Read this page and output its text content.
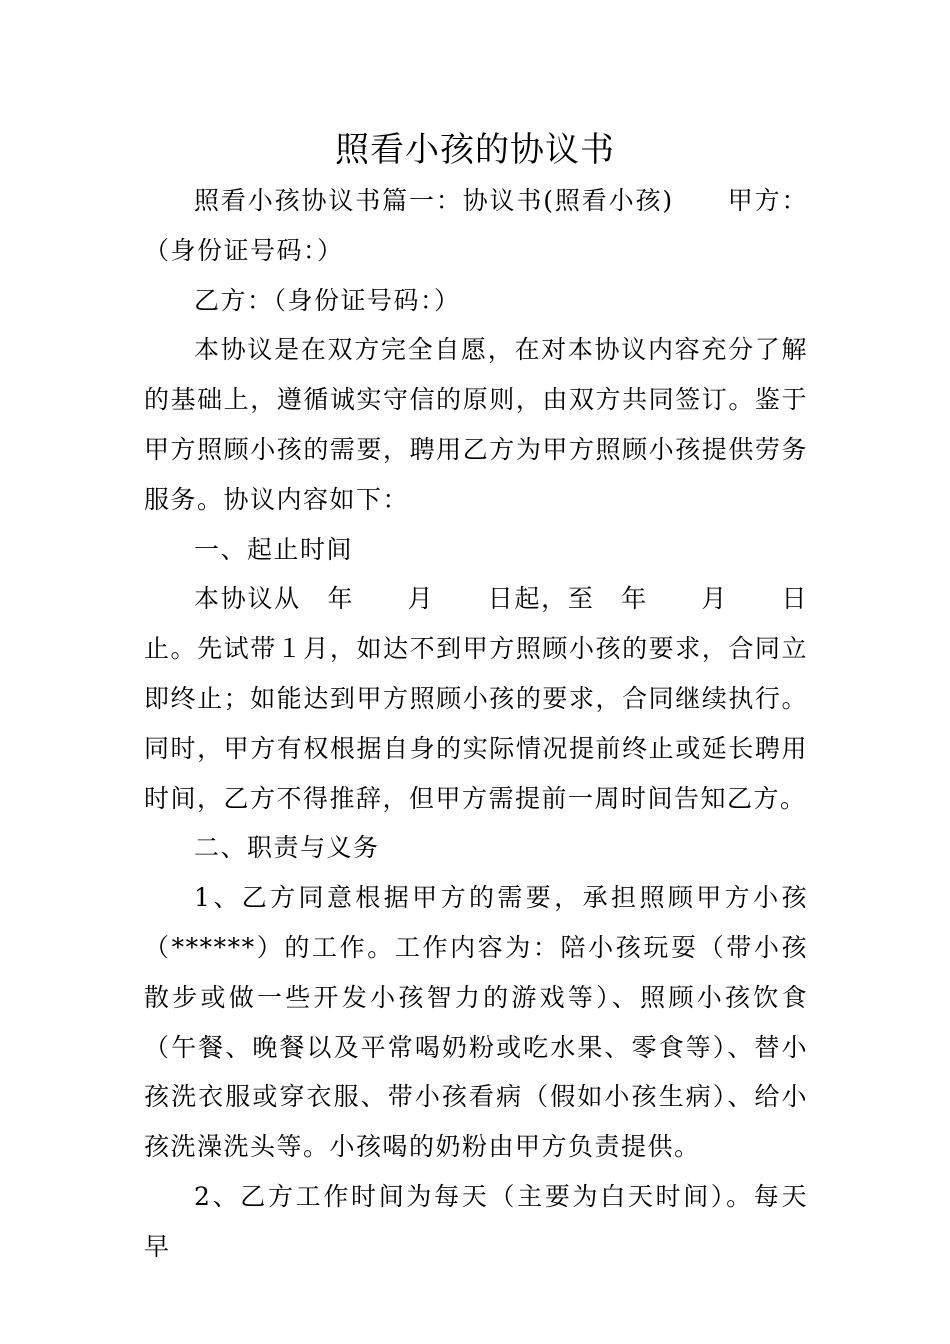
照看小孩的协议书

照看小孩协议书篇一：协议书(照看小孩)　　甲方：（身份证号码：）

乙方：（身份证号码：）

本协议是在双方完全自愿，在对本协议内容充分了解的基础上，遵循诚实守信的原则，由双方共同签订。鉴于甲方照顾小孩的需要，聘用乙方为甲方照顾小孩提供劳务服务。协议内容如下：

一、起止时间

本协议从　年　　月　　日起，至　年　　月　　日止。先试带１月，如达不到甲方照顾小孩的要求，合同立即终止；如能达到甲方照顾小孩的要求，合同继续执行。同时，甲方有权根据自身的实际情况提前终止或延长聘用时间，乙方不得推辞，但甲方需提前一周时间告知乙方。

二、职责与义务

1、乙方同意根据甲方的需要，承担照顾甲方小孩（******）的工作。工作内容为：陪小孩玩耍（带小孩散步或做一些开发小孩智力的游戏等）、照顾小孩饮食（午餐、晚餐以及平常喝奶粉或吃水果、零食等）、替小孩洗衣服或穿衣服、带小孩看病（假如小孩生病）、给小孩洗澡洗头等。小孩喝的奶粉由甲方负责提供。

2、乙方工作时间为每天（主要为白天时间）。每天早
